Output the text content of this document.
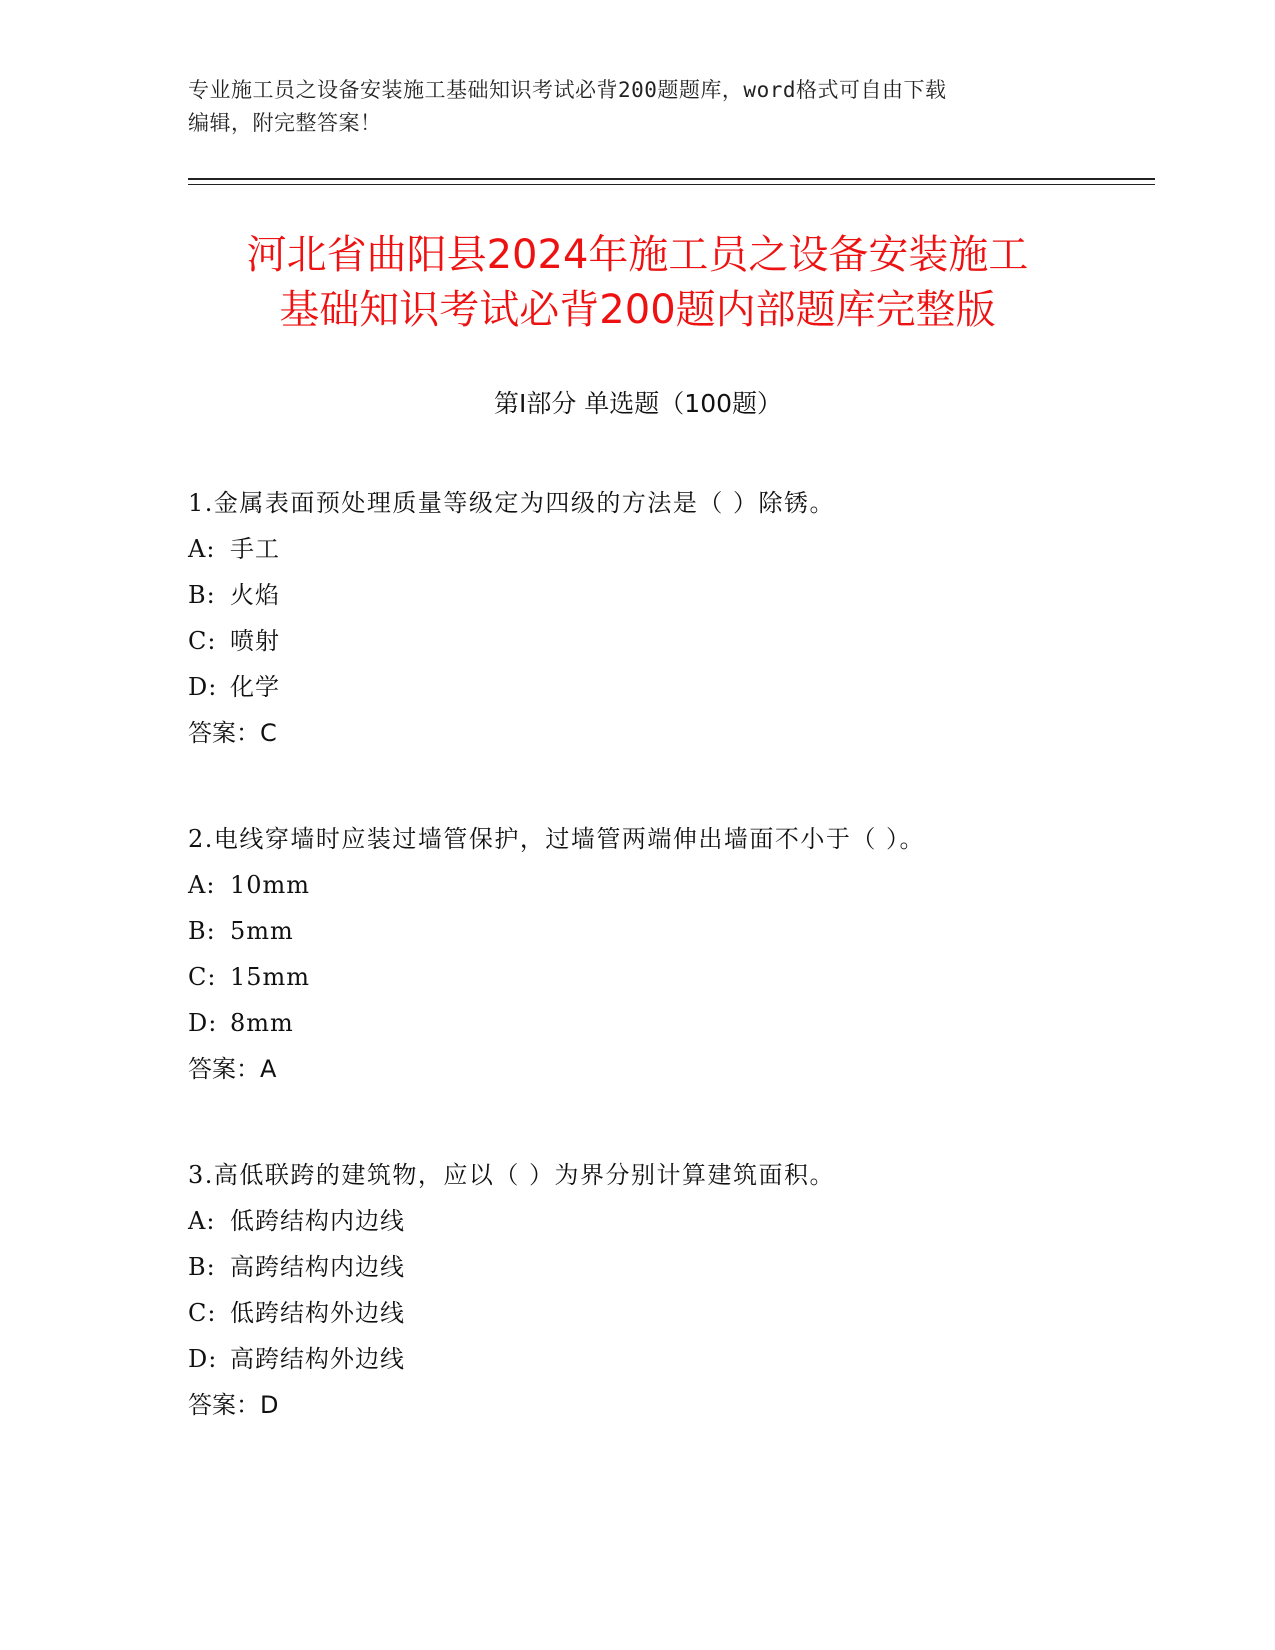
专业施工员之设备安装施工基础知识考试必背200题题库，word格式可自由下载
编辑，附完整答案！
河北省曲阳县2024年施工员之设备安装施工
基础知识考试必背200题内部题库完整版
第Ⅰ部分 单选题（100题）
1.金属表面预处理质量等级定为四级的方法是（ ）除锈。
A: 手工
B: 火焰
C: 喷射
D: 化学
答案：C
2.电线穿墙时应装过墙管保护，过墙管两端伸出墙面不小于（ ）。
A: 10mm
B: 5mm
C: 15mm
D: 8mm
答案：A
3.高低联跨的建筑物，应以（ ）为界分别计算建筑面积。
A: 低跨结构内边线
B: 高跨结构内边线
C: 低跨结构外边线
D: 高跨结构外边线
答案：D
